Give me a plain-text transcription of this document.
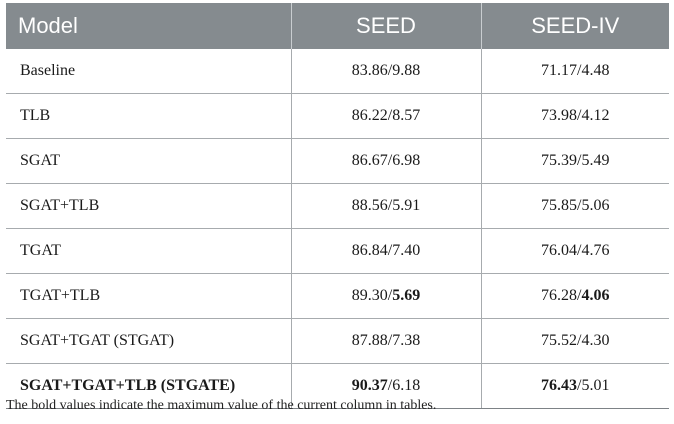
Model	SEED	SEED-IV
Baseline	83.86/9.88	71.17/4.48
TLB	86.22/8.57	73.98/4.12
SGAT	86.67/6.98	75.39/5.49
SGAT+TLB	88.56/5.91	75.85/5.06
TGAT	86.84/7.40	76.04/4.76
TGAT+TLB	89.30/5.69	76.28/4.06
SGAT+TGAT (STGAT)	87.88/7.38	75.52/4.30
SGAT+TGAT+TLB (STGATE)	90.37/6.18	76.43/5.01

The bold values indicate the maximum value of the current column in tables.
